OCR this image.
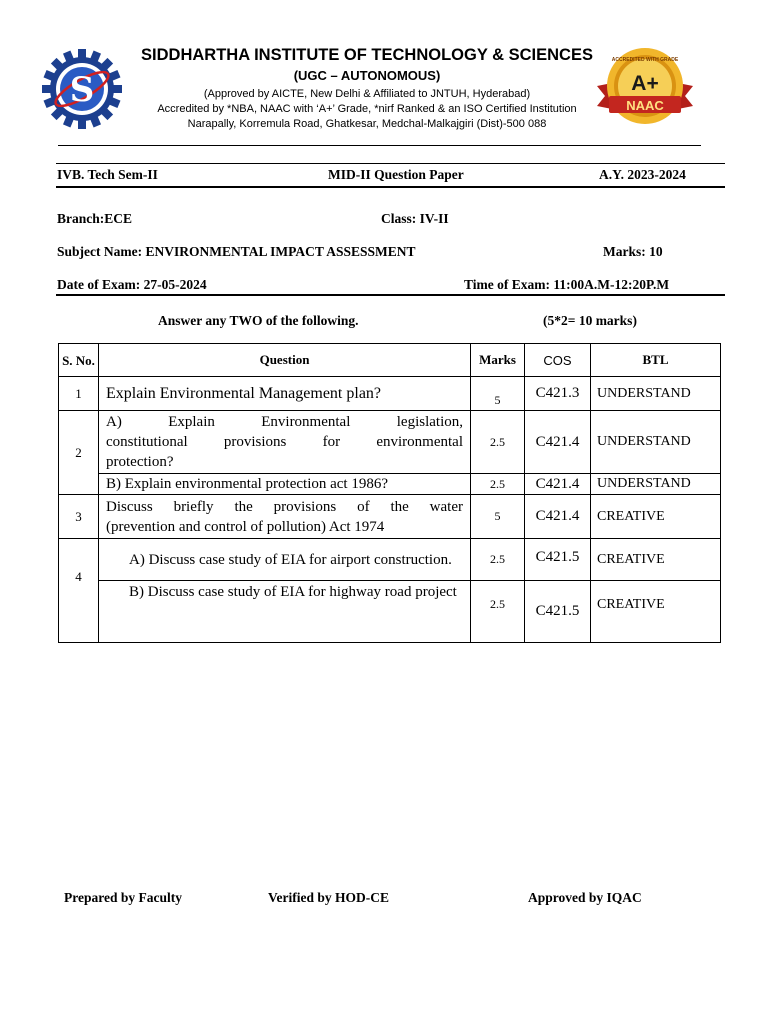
S
SIDDHARTHA INSTITUTE OF TECHNOLOGY & SCIENCES
(UGC – AUTONOMOUS)
(Approved by AICTE, New Delhi & Affiliated to JNTUH, Hyderabad)
Accredited by *NBA, NAAC with ‘A+’ Grade, *nirf Ranked & an ISO Certified Institution
Narapally, Korremula Road, Ghatkesar, Medchal-Malkajgiri (Dist)-500 088
A+
NAAC
ACCREDITED WITH GRADE
IVB. Tech Sem-II	MID-II Question Paper	A.Y. 2023-2024
Branch:ECE	Class: IV-II
Subject Name: ENVIRONMENTAL IMPACT ASSESSMENT	Marks: 10
Date of Exam: 27-05-2024	Time of Exam: 11:00A.M-12:20P.M
Answer any TWO of the following.	(5*2= 10 marks)
S. No.	Question	Marks	COS	BTL
1	Explain Environmental Management plan?	5	C421.3	UNDERSTAND
2	A) Explain Environmental legislation,
constitutional provisions for environmental
protection?	2.5	C421.4	UNDERSTAND
	B) Explain environmental protection act 1986?	2.5	C421.4	UNDERSTAND
3	Discuss briefly the provisions of the water
(prevention and control of pollution) Act 1974	5	C421.4	CREATIVE
4	A) Discuss case study of EIA for airport construction.	2.5	C421.5	CREATIVE

	B) Discuss case study of EIA for highway road project	2.5	C421.5	CREATIVE
Prepared by Faculty	Verified by HOD-CE	Approved by IQAC
